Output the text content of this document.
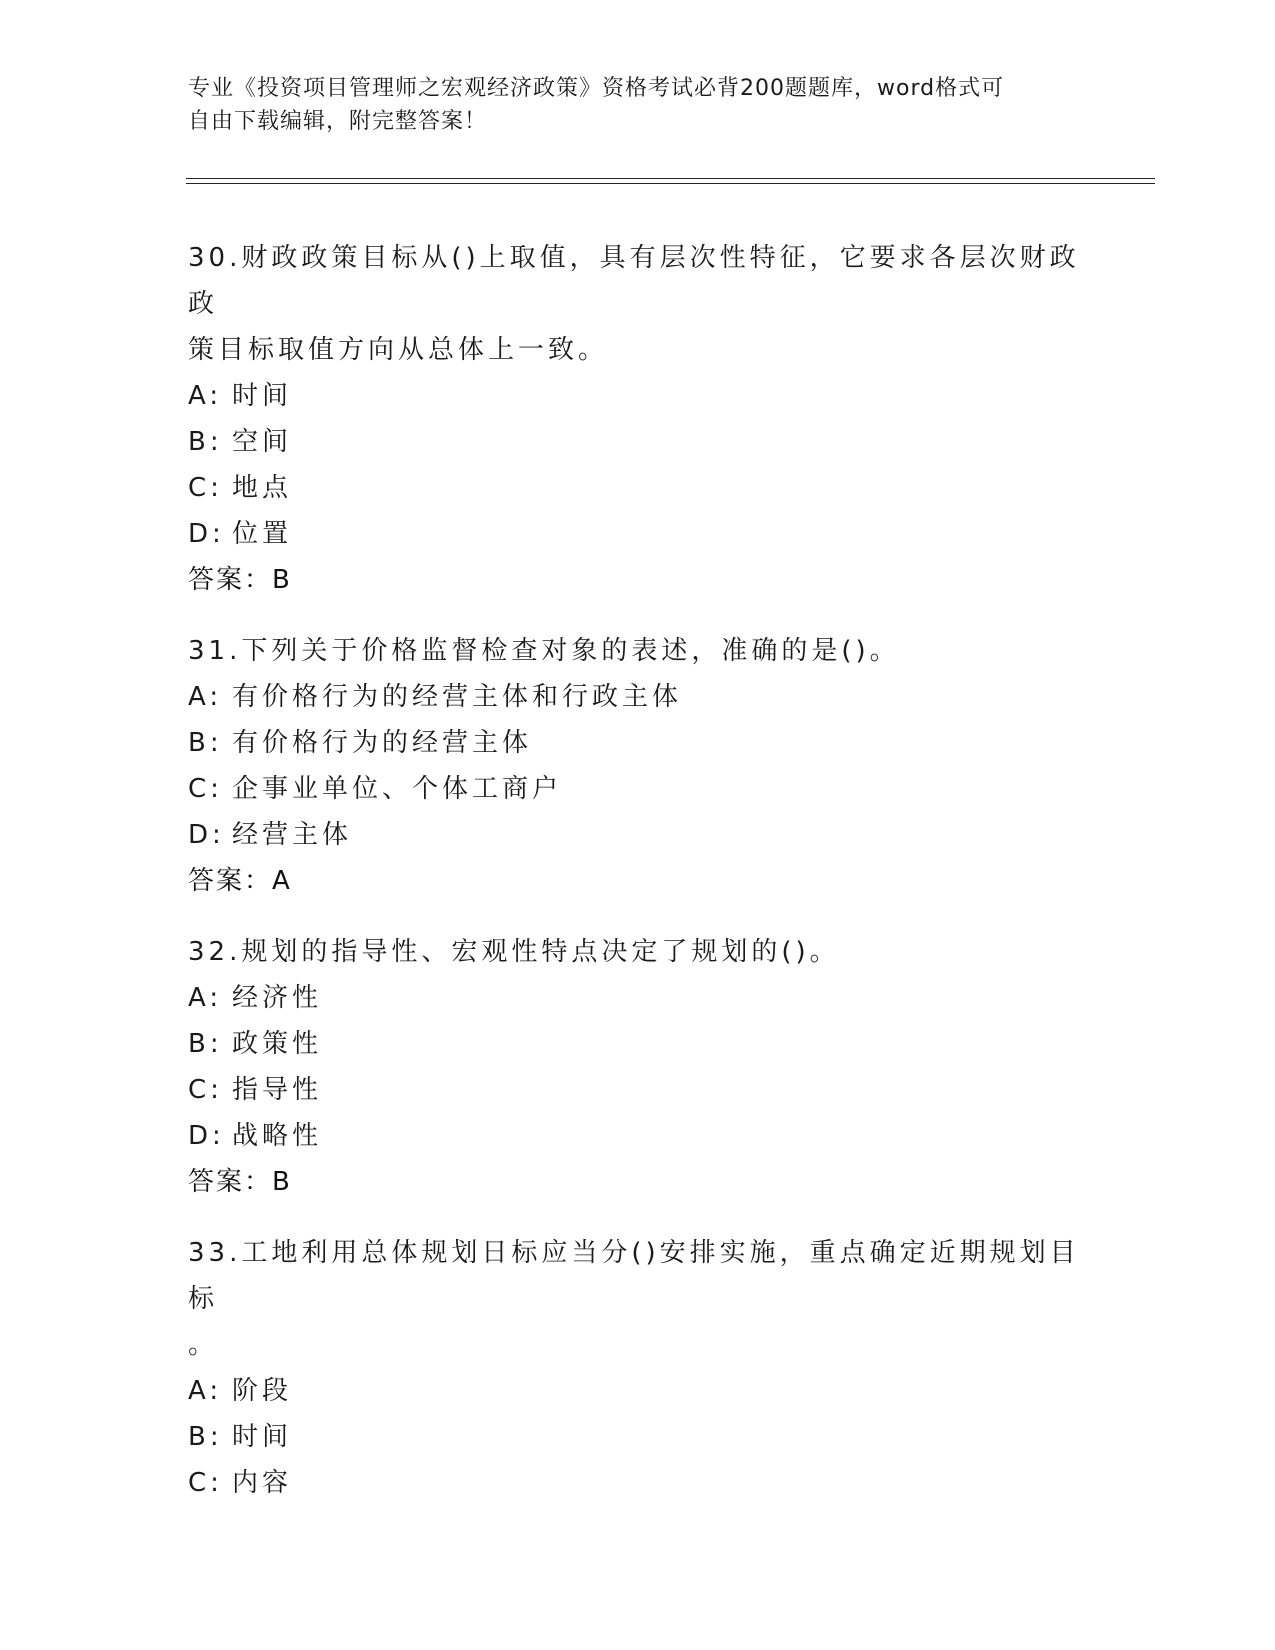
专业《投资项目管理师之宏观经济政策》资格考试必背200题题库，word格式可
自由下载编辑，附完整答案！

30.财政政策目标从()上取值，具有层次性特征，它要求各层次财政政

策目标取值方向从总体上一致。

A: 时间

B: 空间

C: 地点

D: 位置

答案：B

31.下列关于价格监督检查对象的表述，准确的是()。

A: 有价格行为的经营主体和行政主体

B: 有价格行为的经营主体

C: 企事业单位、个体工商户

D: 经营主体

答案：A

32.规划的指导性、宏观性特点决定了规划的()。

A: 经济性

B: 政策性

C: 指导性

D: 战略性

答案：B

33.工地利用总体规划日标应当分()安排实施，重点确定近期规划目标

。

A: 阶段

B: 时间

C: 内容
